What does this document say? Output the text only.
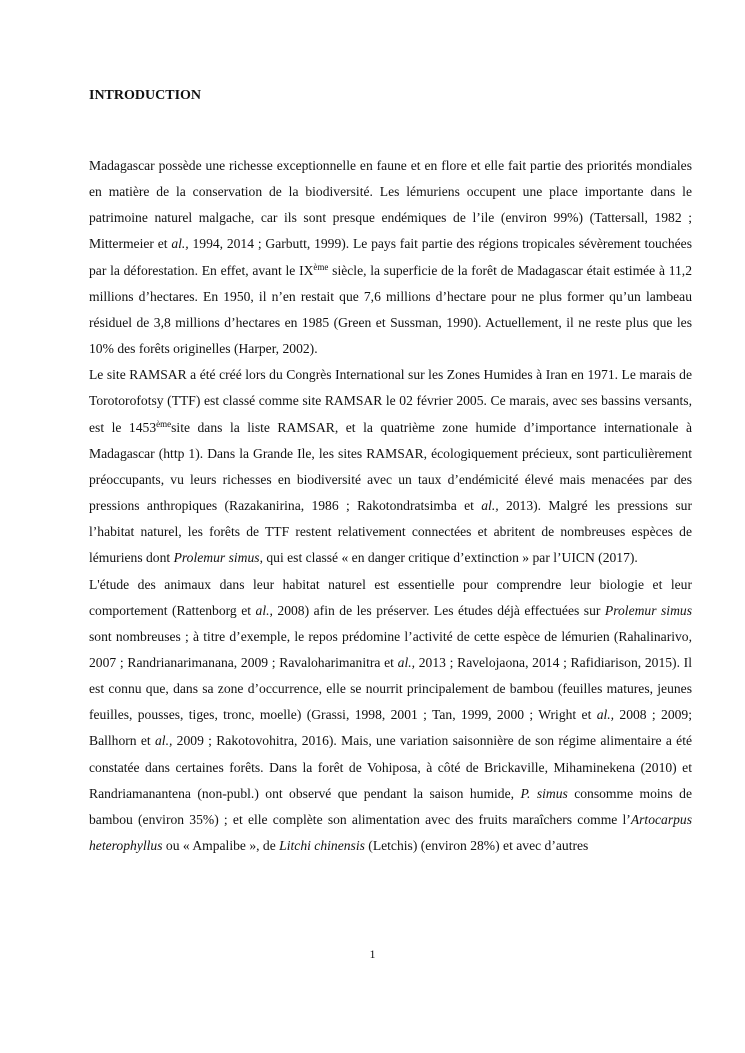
INTRODUCTION

Madagascar possède une richesse exceptionnelle en faune et en flore et elle fait partie des priorités mondiales en matière de la conservation de la biodiversité. Les lémuriens occupent une place importante dans le patrimoine naturel malgache, car ils sont presque endémiques de l’ile (environ 99%) (Tattersall, 1982 ; Mittermeier et al., 1994, 2014 ; Garbutt, 1999). Le pays fait partie des régions tropicales sévèrement touchées par la déforestation. En effet, avant le IXème siècle, la superficie de la forêt de Madagascar était estimée à 11,2 millions d’hectares. En 1950, il n’en restait que 7,6 millions d’hectare pour ne plus former qu’un lambeau résiduel de 3,8 millions d’hectares en 1985 (Green et Sussman, 1990). Actuellement, il ne reste plus que les 10% des forêts originelles (Harper, 2002).

Le site RAMSAR a été créé lors du Congrès International sur les Zones Humides à Iran en 1971. Le marais de Torotorofotsy (TTF) est classé comme site RAMSAR le 02 février 2005. Ce marais, avec ses bassins versants, est le 1453èmesite dans la liste RAMSAR, et la quatrième zone humide d’importance internationale à Madagascar (http 1). Dans la Grande Ile, les sites RAMSAR, écologiquement précieux, sont particulièrement préoccupants, vu leurs richesses en biodiversité avec un taux d’endémicité élevé mais menacées par des pressions anthropiques (Razakanirina, 1986 ; Rakotondratsimba et al., 2013). Malgré les pressions sur l’habitat naturel, les forêts de TTF restent relativement connectées et abritent de nombreuses espèces de lémuriens dont Prolemur simus, qui est classé « en danger critique d’extinction » par l’UICN (2017).

L'étude des animaux dans leur habitat naturel est essentielle pour comprendre leur biologie et leur comportement (Rattenborg et al., 2008) afin de les préserver. Les études déjà effectuées sur Prolemur simus sont nombreuses ; à titre d’exemple, le repos prédomine l’activité de cette espèce de lémurien (Rahalinarivo, 2007 ; Randrianarimanana, 2009 ; Ravaloharimanitra et al., 2013 ; Ravelojaona, 2014 ; Rafidiarison, 2015). Il est connu que, dans sa zone d’occurrence, elle se nourrit principalement de bambou (feuilles matures, jeunes feuilles, pousses, tiges, tronc, moelle) (Grassi, 1998, 2001 ; Tan, 1999, 2000 ; Wright et al., 2008 ; 2009; Ballhorn et al., 2009 ; Rakotovohitra, 2016). Mais, une variation saisonnière de son régime alimentaire a été constatée dans certaines forêts. Dans la forêt de Vohiposa, à côté de Brickaville, Mihaminekena (2010) et Randriamanantena (non-publ.) ont observé que pendant la saison humide, P. simus consomme moins de bambou (environ 35%) ; et elle complète son alimentation avec des fruits maraîchers comme l’Artocarpus heterophyllus ou « Ampalibe », de Litchi chinensis (Letchis) (environ 28%) et avec d’autres

1
